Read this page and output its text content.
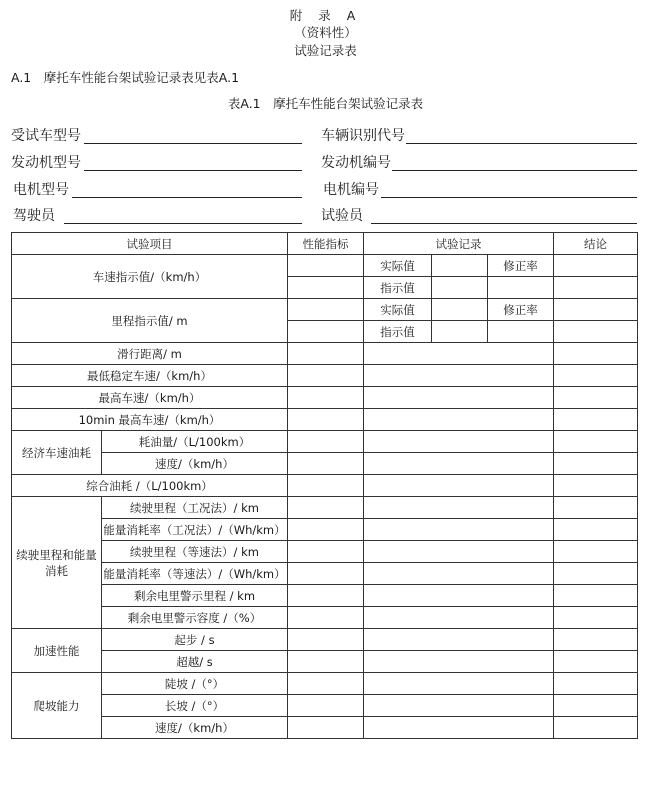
附 录 A
（资料性）
试验记录表
A.1　摩托车性能台架试验记录表见表A.1
表A.1　摩托车性能台架试验记录表
受试车型号	车辆识别代号
发动机型号	发动机编号
电机型号	电机编号
驾驶员	试验员
试验项目		性能指标	试验记录			结论
车速指示值/（km/h）			实际值		修正率	
			指示值			
里程指示值/ m			实际值		修正率	
			指示值			
滑行距离/ m						
最低稳定车速/（km/h）						
最高车速/（km/h）						
10min 最高车速/（km/h）						
经济车速油耗	耗油量/（L/100km）					
	速度/（km/h）					
综合油耗 /（L/100km）						
续驶里程和能量消耗	续驶里程（工况法）/ km					
	能量消耗率（工况法）/（Wh/km）					
	续驶里程（等速法）/ km					
	能量消耗率（等速法）/（Wh/km）					
	剩余电里警示里程 / km					
	剩余电里警示容度 /（%）					
加速性能	起步 / s					
	超越/ s					
爬坡能力	陡坡 /（°）					
	长坡 /（°）					
	速度/（km/h）					
